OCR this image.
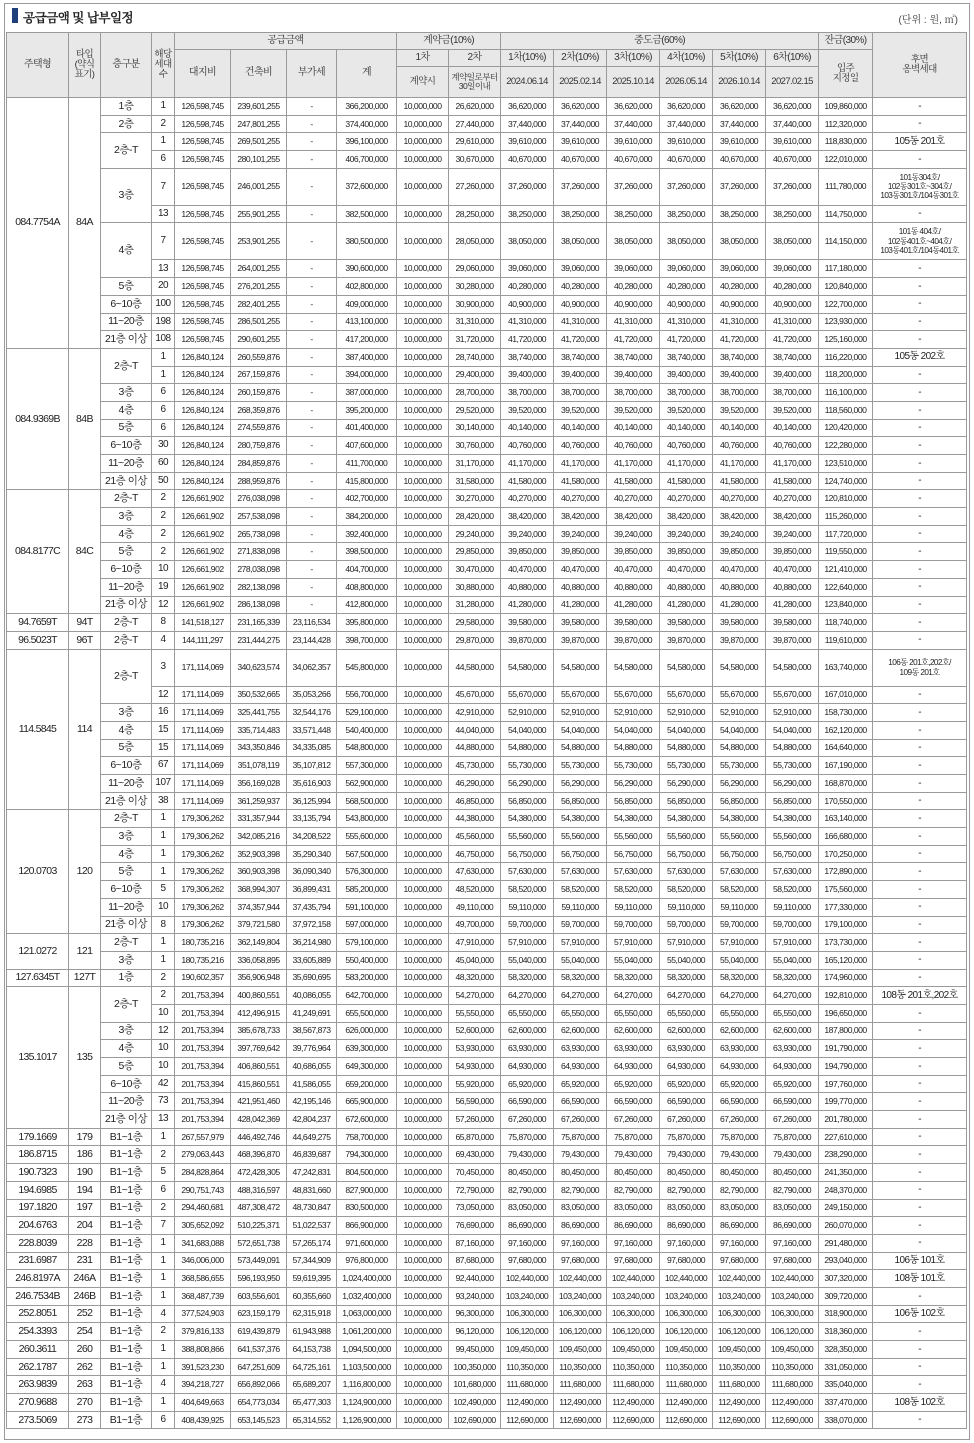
공급금액 및 납부일정	(단위 : 원, ㎡)
주택형	타입
(약식
표기)	층구분	해당
세대
수	공급금액				계약금(10%)		중도금(60%)						잔금(30%)	후면
옹벽세대
				대지비	건축비	부가세	계	1차	2차	1차(10%)	2차(10%)	3차(10%)	4차(10%)	5차(10%)	6차(10%)	입주
지정일	
								계약시	계약일로부터
30일이내	2024.06.14	2025.02.14	2025.10.14	2026.05.14	2026.10.14	2027.02.15		
084.7754A	84A	1층	1	126,598,745	239,601,255	-	366,200,000	10,000,000	26,620,000	36,620,000	36,620,000	36,620,000	36,620,000	36,620,000	36,620,000	109,860,000	-
		2층	2	126,598,745	247,801,255	-	374,400,000	10,000,000	27,440,000	37,440,000	37,440,000	37,440,000	37,440,000	37,440,000	37,440,000	112,320,000	-
		2층-T	1	126,598,745	269,501,255	-	396,100,000	10,000,000	29,610,000	39,610,000	39,610,000	39,610,000	39,610,000	39,610,000	39,610,000	118,830,000	105동 201호
			6	126,598,745	280,101,255	-	406,700,000	10,000,000	30,670,000	40,670,000	40,670,000	40,670,000	40,670,000	40,670,000	40,670,000	122,010,000	-
		3층	7	126,598,745	246,001,255	-	372,600,000	10,000,000	27,260,000	37,260,000	37,260,000	37,260,000	37,260,000	37,260,000	37,260,000	111,780,000	101동304호/
102동301호~304호/
103동301호/104동301호
			13	126,598,745	255,901,255	-	382,500,000	10,000,000	28,250,000	38,250,000	38,250,000	38,250,000	38,250,000	38,250,000	38,250,000	114,750,000	-
		4층	7	126,598,745	253,901,255	-	380,500,000	10,000,000	28,050,000	38,050,000	38,050,000	38,050,000	38,050,000	38,050,000	38,050,000	114,150,000	101동 404호/
102동401호~404호/
103동401호/104동401호
			13	126,598,745	264,001,255	-	390,600,000	10,000,000	29,060,000	39,060,000	39,060,000	39,060,000	39,060,000	39,060,000	39,060,000	117,180,000	-
		5층	20	126,598,745	276,201,255	-	402,800,000	10,000,000	30,280,000	40,280,000	40,280,000	40,280,000	40,280,000	40,280,000	40,280,000	120,840,000	-
		6~10층	100	126,598,745	282,401,255	-	409,000,000	10,000,000	30,900,000	40,900,000	40,900,000	40,900,000	40,900,000	40,900,000	40,900,000	122,700,000	-
		11~20층	198	126,598,745	286,501,255	-	413,100,000	10,000,000	31,310,000	41,310,000	41,310,000	41,310,000	41,310,000	41,310,000	41,310,000	123,930,000	-
		21층 이상	108	126,598,745	290,601,255	-	417,200,000	10,000,000	31,720,000	41,720,000	41,720,000	41,720,000	41,720,000	41,720,000	41,720,000	125,160,000	-
084.9369B	84B	2층-T	1	126,840,124	260,559,876	-	387,400,000	10,000,000	28,740,000	38,740,000	38,740,000	38,740,000	38,740,000	38,740,000	38,740,000	116,220,000	105동 202호
			1	126,840,124	267,159,876	-	394,000,000	10,000,000	29,400,000	39,400,000	39,400,000	39,400,000	39,400,000	39,400,000	39,400,000	118,200,000	-
		3층	6	126,840,124	260,159,876	-	387,000,000	10,000,000	28,700,000	38,700,000	38,700,000	38,700,000	38,700,000	38,700,000	38,700,000	116,100,000	-
		4층	6	126,840,124	268,359,876	-	395,200,000	10,000,000	29,520,000	39,520,000	39,520,000	39,520,000	39,520,000	39,520,000	39,520,000	118,560,000	-
		5층	6	126,840,124	274,559,876	-	401,400,000	10,000,000	30,140,000	40,140,000	40,140,000	40,140,000	40,140,000	40,140,000	40,140,000	120,420,000	-
		6~10층	30	126,840,124	280,759,876	-	407,600,000	10,000,000	30,760,000	40,760,000	40,760,000	40,760,000	40,760,000	40,760,000	40,760,000	122,280,000	-
		11~20층	60	126,840,124	284,859,876	-	411,700,000	10,000,000	31,170,000	41,170,000	41,170,000	41,170,000	41,170,000	41,170,000	41,170,000	123,510,000	-
		21층 이상	50	126,840,124	288,959,876	-	415,800,000	10,000,000	31,580,000	41,580,000	41,580,000	41,580,000	41,580,000	41,580,000	41,580,000	124,740,000	-
084.8177C	84C	2층-T	2	126,661,902	276,038,098	-	402,700,000	10,000,000	30,270,000	40,270,000	40,270,000	40,270,000	40,270,000	40,270,000	40,270,000	120,810,000	-
		3층	2	126,661,902	257,538,098	-	384,200,000	10,000,000	28,420,000	38,420,000	38,420,000	38,420,000	38,420,000	38,420,000	38,420,000	115,260,000	-
		4층	2	126,661,902	265,738,098	-	392,400,000	10,000,000	29,240,000	39,240,000	39,240,000	39,240,000	39,240,000	39,240,000	39,240,000	117,720,000	-
		5층	2	126,661,902	271,838,098	-	398,500,000	10,000,000	29,850,000	39,850,000	39,850,000	39,850,000	39,850,000	39,850,000	39,850,000	119,550,000	-
		6~10층	10	126,661,902	278,038,098	-	404,700,000	10,000,000	30,470,000	40,470,000	40,470,000	40,470,000	40,470,000	40,470,000	40,470,000	121,410,000	-
		11~20층	19	126,661,902	282,138,098	-	408,800,000	10,000,000	30,880,000	40,880,000	40,880,000	40,880,000	40,880,000	40,880,000	40,880,000	122,640,000	-
		21층 이상	12	126,661,902	286,138,098	-	412,800,000	10,000,000	31,280,000	41,280,000	41,280,000	41,280,000	41,280,000	41,280,000	41,280,000	123,840,000	-
94.7659T	94T	2층-T	8	141,518,127	231,165,339	23,116,534	395,800,000	10,000,000	29,580,000	39,580,000	39,580,000	39,580,000	39,580,000	39,580,000	39,580,000	118,740,000	-
96.5023T	96T	2층-T	4	144,111,297	231,444,275	23,144,428	398,700,000	10,000,000	29,870,000	39,870,000	39,870,000	39,870,000	39,870,000	39,870,000	39,870,000	119,610,000	-
114.5845	114	2층-T	3	171,114,069	340,623,574	34,062,357	545,800,000	10,000,000	44,580,000	54,580,000	54,580,000	54,580,000	54,580,000	54,580,000	54,580,000	163,740,000	106동 201호,202호/
109동 201호
			12	171,114,069	350,532,665	35,053,266	556,700,000	10,000,000	45,670,000	55,670,000	55,670,000	55,670,000	55,670,000	55,670,000	55,670,000	167,010,000	-
		3층	16	171,114,069	325,441,755	32,544,176	529,100,000	10,000,000	42,910,000	52,910,000	52,910,000	52,910,000	52,910,000	52,910,000	52,910,000	158,730,000	-
		4층	15	171,114,069	335,714,483	33,571,448	540,400,000	10,000,000	44,040,000	54,040,000	54,040,000	54,040,000	54,040,000	54,040,000	54,040,000	162,120,000	-
		5층	15	171,114,069	343,350,846	34,335,085	548,800,000	10,000,000	44,880,000	54,880,000	54,880,000	54,880,000	54,880,000	54,880,000	54,880,000	164,640,000	-
		6~10층	67	171,114,069	351,078,119	35,107,812	557,300,000	10,000,000	45,730,000	55,730,000	55,730,000	55,730,000	55,730,000	55,730,000	55,730,000	167,190,000	-
		11~20층	107	171,114,069	356,169,028	35,616,903	562,900,000	10,000,000	46,290,000	56,290,000	56,290,000	56,290,000	56,290,000	56,290,000	56,290,000	168,870,000	-
		21층 이상	38	171,114,069	361,259,937	36,125,994	568,500,000	10,000,000	46,850,000	56,850,000	56,850,000	56,850,000	56,850,000	56,850,000	56,850,000	170,550,000	-
120.0703	120	2층-T	1	179,306,262	331,357,944	33,135,794	543,800,000	10,000,000	44,380,000	54,380,000	54,380,000	54,380,000	54,380,000	54,380,000	54,380,000	163,140,000	-
		3층	1	179,306,262	342,085,216	34,208,522	555,600,000	10,000,000	45,560,000	55,560,000	55,560,000	55,560,000	55,560,000	55,560,000	55,560,000	166,680,000	-
		4층	1	179,306,262	352,903,398	35,290,340	567,500,000	10,000,000	46,750,000	56,750,000	56,750,000	56,750,000	56,750,000	56,750,000	56,750,000	170,250,000	-
		5층	1	179,306,262	360,903,398	36,090,340	576,300,000	10,000,000	47,630,000	57,630,000	57,630,000	57,630,000	57,630,000	57,630,000	57,630,000	172,890,000	-
		6~10층	5	179,306,262	368,994,307	36,899,431	585,200,000	10,000,000	48,520,000	58,520,000	58,520,000	58,520,000	58,520,000	58,520,000	58,520,000	175,560,000	-
		11~20층	10	179,306,262	374,357,944	37,435,794	591,100,000	10,000,000	49,110,000	59,110,000	59,110,000	59,110,000	59,110,000	59,110,000	59,110,000	177,330,000	-
		21층 이상	8	179,306,262	379,721,580	37,972,158	597,000,000	10,000,000	49,700,000	59,700,000	59,700,000	59,700,000	59,700,000	59,700,000	59,700,000	179,100,000	-
121.0272	121	2층-T	1	180,735,216	362,149,804	36,214,980	579,100,000	10,000,000	47,910,000	57,910,000	57,910,000	57,910,000	57,910,000	57,910,000	57,910,000	173,730,000	-
		3층	1	180,735,216	336,058,895	33,605,889	550,400,000	10,000,000	45,040,000	55,040,000	55,040,000	55,040,000	55,040,000	55,040,000	55,040,000	165,120,000	-
127.6345T	127T	1층	2	190,602,357	356,906,948	35,690,695	583,200,000	10,000,000	48,320,000	58,320,000	58,320,000	58,320,000	58,320,000	58,320,000	58,320,000	174,960,000	-
135.1017	135	2층-T	2	201,753,394	400,860,551	40,086,055	642,700,000	10,000,000	54,270,000	64,270,000	64,270,000	64,270,000	64,270,000	64,270,000	64,270,000	192,810,000	108동 201호,202호
			10	201,753,394	412,496,915	41,249,691	655,500,000	10,000,000	55,550,000	65,550,000	65,550,000	65,550,000	65,550,000	65,550,000	65,550,000	196,650,000	-
		3층	12	201,753,394	385,678,733	38,567,873	626,000,000	10,000,000	52,600,000	62,600,000	62,600,000	62,600,000	62,600,000	62,600,000	62,600,000	187,800,000	-
		4층	10	201,753,394	397,769,642	39,776,964	639,300,000	10,000,000	53,930,000	63,930,000	63,930,000	63,930,000	63,930,000	63,930,000	63,930,000	191,790,000	-
		5층	10	201,753,394	406,860,551	40,686,055	649,300,000	10,000,000	54,930,000	64,930,000	64,930,000	64,930,000	64,930,000	64,930,000	64,930,000	194,790,000	-
		6~10층	42	201,753,394	415,860,551	41,586,055	659,200,000	10,000,000	55,920,000	65,920,000	65,920,000	65,920,000	65,920,000	65,920,000	65,920,000	197,760,000	-
		11~20층	73	201,753,394	421,951,460	42,195,146	665,900,000	10,000,000	56,590,000	66,590,000	66,590,000	66,590,000	66,590,000	66,590,000	66,590,000	199,770,000	-
		21층 이상	13	201,753,394	428,042,369	42,804,237	672,600,000	10,000,000	57,260,000	67,260,000	67,260,000	67,260,000	67,260,000	67,260,000	67,260,000	201,780,000	-
179.1669	179	B1~1층	1	267,557,979	446,492,746	44,649,275	758,700,000	10,000,000	65,870,000	75,870,000	75,870,000	75,870,000	75,870,000	75,870,000	75,870,000	227,610,000	-
186.8715	186	B1~1층	2	279,063,443	468,396,870	46,839,687	794,300,000	10,000,000	69,430,000	79,430,000	79,430,000	79,430,000	79,430,000	79,430,000	79,430,000	238,290,000	-
190.7323	190	B1~1층	5	284,828,864	472,428,305	47,242,831	804,500,000	10,000,000	70,450,000	80,450,000	80,450,000	80,450,000	80,450,000	80,450,000	80,450,000	241,350,000	-
194.6985	194	B1~1층	6	290,751,743	488,316,597	48,831,660	827,900,000	10,000,000	72,790,000	82,790,000	82,790,000	82,790,000	82,790,000	82,790,000	82,790,000	248,370,000	-
197.1820	197	B1~1층	2	294,460,681	487,308,472	48,730,847	830,500,000	10,000,000	73,050,000	83,050,000	83,050,000	83,050,000	83,050,000	83,050,000	83,050,000	249,150,000	-
204.6763	204	B1~1층	7	305,652,092	510,225,371	51,022,537	866,900,000	10,000,000	76,690,000	86,690,000	86,690,000	86,690,000	86,690,000	86,690,000	86,690,000	260,070,000	-
228.8039	228	B1~1층	1	341,683,088	572,651,738	57,265,174	971,600,000	10,000,000	87,160,000	97,160,000	97,160,000	97,160,000	97,160,000	97,160,000	97,160,000	291,480,000	-
231.6987	231	B1~1층	1	346,006,000	573,449,091	57,344,909	976,800,000	10,000,000	87,680,000	97,680,000	97,680,000	97,680,000	97,680,000	97,680,000	97,680,000	293,040,000	106동 101호
246.8197A	246A	B1~1층	1	368,586,655	596,193,950	59,619,395	1,024,400,000	10,000,000	92,440,000	102,440,000	102,440,000	102,440,000	102,440,000	102,440,000	102,440,000	307,320,000	108동 101호
246.7534B	246B	B1~1층	1	368,487,739	603,556,601	60,355,660	1,032,400,000	10,000,000	93,240,000	103,240,000	103,240,000	103,240,000	103,240,000	103,240,000	103,240,000	309,720,000	-
252.8051	252	B1~1층	4	377,524,903	623,159,179	62,315,918	1,063,000,000	10,000,000	96,300,000	106,300,000	106,300,000	106,300,000	106,300,000	106,300,000	106,300,000	318,900,000	106동 102호
254.3393	254	B1~1층	2	379,816,133	619,439,879	61,943,988	1,061,200,000	10,000,000	96,120,000	106,120,000	106,120,000	106,120,000	106,120,000	106,120,000	106,120,000	318,360,000	-
260.3611	260	B1~1층	1	388,808,866	641,537,376	64,153,738	1,094,500,000	10,000,000	99,450,000	109,450,000	109,450,000	109,450,000	109,450,000	109,450,000	109,450,000	328,350,000	-
262.1787	262	B1~1층	1	391,523,230	647,251,609	64,725,161	1,103,500,000	10,000,000	100,350,000	110,350,000	110,350,000	110,350,000	110,350,000	110,350,000	110,350,000	331,050,000	-
263.9839	263	B1~1층	4	394,218,727	656,892,066	65,689,207	1,116,800,000	10,000,000	101,680,000	111,680,000	111,680,000	111,680,000	111,680,000	111,680,000	111,680,000	335,040,000	-
270.9688	270	B1~1층	1	404,649,663	654,773,034	65,477,303	1,124,900,000	10,000,000	102,490,000	112,490,000	112,490,000	112,490,000	112,490,000	112,490,000	112,490,000	337,470,000	108동 102호
273.5069	273	B1~1층	6	408,439,925	653,145,523	65,314,552	1,126,900,000	10,000,000	102,690,000	112,690,000	112,690,000	112,690,000	112,690,000	112,690,000	112,690,000	338,070,000	-
